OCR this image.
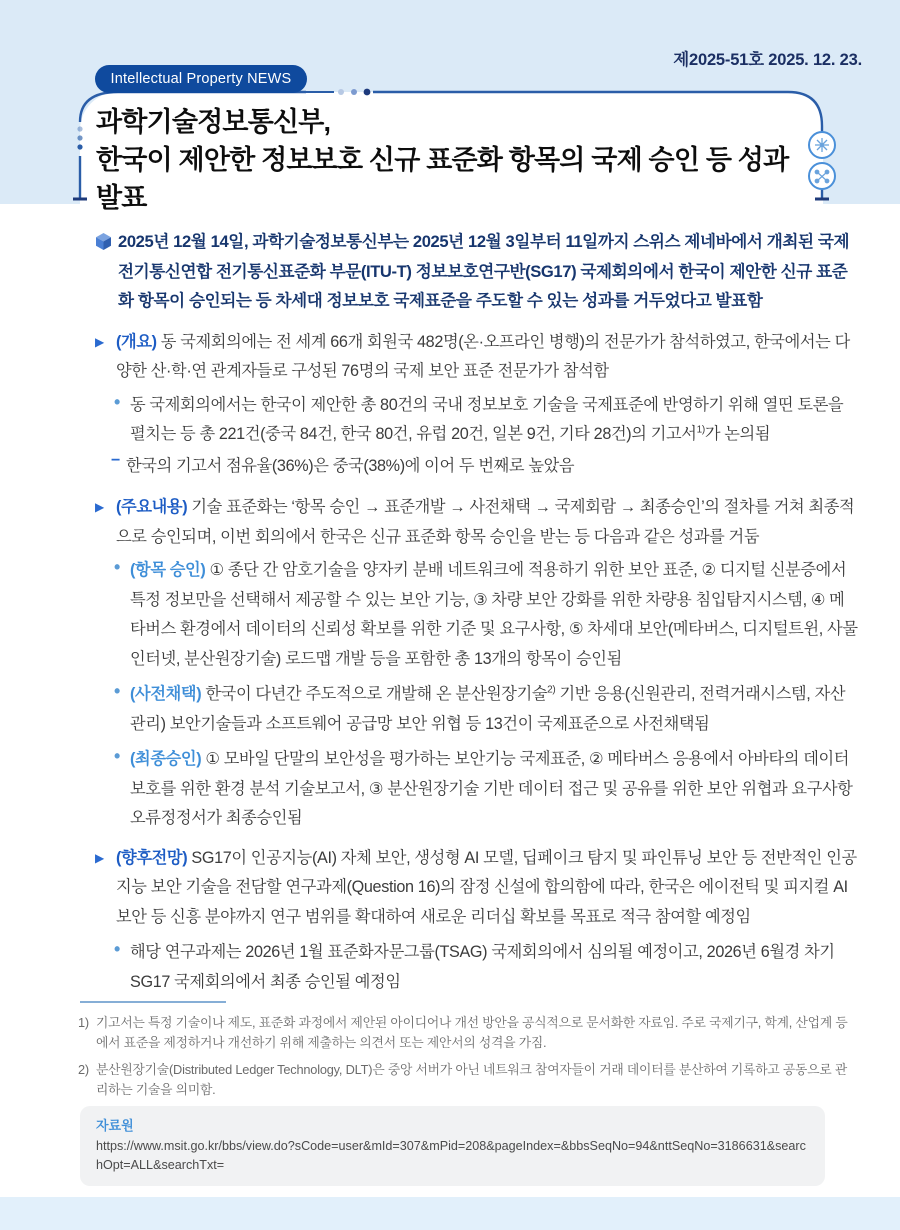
Intellectual Property NEWS
제2025-51호 2025. 12. 23.
과학기술정보통신부,
한국이 제안한 정보보호 신규 표준화 항목의 국제 승인 등 성과 발표
2025년 12월 14일, 과학기술정보통신부는 2025년 12월 3일부터 11일까지 스위스 제네바에서 개최된 국제전기통신연합 전기통신표준화 부문(ITU-T) 정보보호연구반(SG17) 국제회의에서 한국이 제안한 신규 표준화 항목이 승인되는 등 차세대 정보보호 국제표준을 주도할 수 있는 성과를 거두었다고 발표함
▶ (개요) 동 국제회의에는 전 세계 66개 회원국 482명(온·오프라인 병행)의 전문가가 참석하였고, 한국에서는 다양한 산·학·연 관계자들로 구성된 76명의 국제 보안 표준 전문가가 참석함
• 동 국제회의에서는 한국이 제안한 총 80건의 국내 정보보호 기술을 국제표준에 반영하기 위해 열띤 토론을 펼치는 등 총 221건(중국 84건, 한국 80건, 유럽 20건, 일본 9건, 기타 28건)의 기고서$^{1)}$가 논의됨
− 한국의 기고서 점유율(36%)은 중국(38%)에 이어 두 번째로 높았음
▶ (주요내용) 기술 표준화는 ‘항목 승인 → 표준개발 → 사전채택 → 국제회람 → 최종승인’의 절차를 거쳐 최종적으로 승인되며, 이번 회의에서 한국은 신규 표준화 항목 승인을 받는 등 다음과 같은 성과를 거둠
• (항목 승인) ① 종단 간 암호기술을 양자키 분배 네트워크에 적용하기 위한 보안 표준, ② 디지털 신분증에서 특정 정보만을 선택해서 제공할 수 있는 보안 기능, ③ 차량 보안 강화를 위한 차량용 침입탐지시스템, ④ 메타버스 환경에서 데이터의 신뢰성 확보를 위한 기준 및 요구사항, ⑤ 차세대 보안(메타버스, 디지털트윈, 사물인터넷, 분산원장기술) 로드맵 개발 등을 포함한 총 13개의 항목이 승인됨
• (사전채택) 한국이 다년간 주도적으로 개발해 온 분산원장기술$^{2)}$ 기반 응용(신원관리, 전력거래시스템, 자산관리) 보안기술들과 소프트웨어 공급망 보안 위협 등 13건이 국제표준으로 사전채택됨
• (최종승인) ① 모바일 단말의 보안성을 평가하는 보안기능 국제표준, ② 메타버스 응용에서 아바타의 데이터 보호를 위한 환경 분석 기술보고서, ③ 분산원장기술 기반 데이터 접근 및 공유를 위한 보안 위협과 요구사항 오류정정서가 최종승인됨
▶ (향후전망) SG17이 인공지능(AI) 자체 보안, 생성형 AI 모델, 딥페이크 탐지 및 파인튜닝 보안 등 전반적인 인공지능 보안 기술을 전담할 연구과제(Question 16)의 잠정 신설에 합의함에 따라, 한국은 에이전틱 및 피지컬 AI 보안 등 신흥 분야까지 연구 범위를 확대하여 새로운 리더십 확보를 목표로 적극 참여할 예정임
• 해당 연구과제는 2026년 1월 표준화자문그룹(TSAG) 국제회의에서 심의될 예정이고, 2026년 6월경 차기 SG17 국제회의에서 최종 승인될 예정임
1) 기고서는 특정 기술이나 제도, 표준화 과정에서 제안된 아이디어나 개선 방안을 공식적으로 문서화한 자료임. 주로 국제기구, 학계, 산업계 등에서 표준을 제정하거나 개선하기 위해 제출하는 의견서 또는 제안서의 성격을 가짐.
2) 분산원장기술(Distributed Ledger Technology, DLT)은 중앙 서버가 아닌 네트워크 참여자들이 거래 데이터를 분산하여 기록하고 공동으로 관리하는 기술을 의미함.
자료원
https://www.msit.go.kr/bbs/view.do?sCode=user&mId=307&mPid=208&pageIndex=&bbsSeqNo=94&nttSeqNo=3186631&searchOpt=ALL&searchTxt=
